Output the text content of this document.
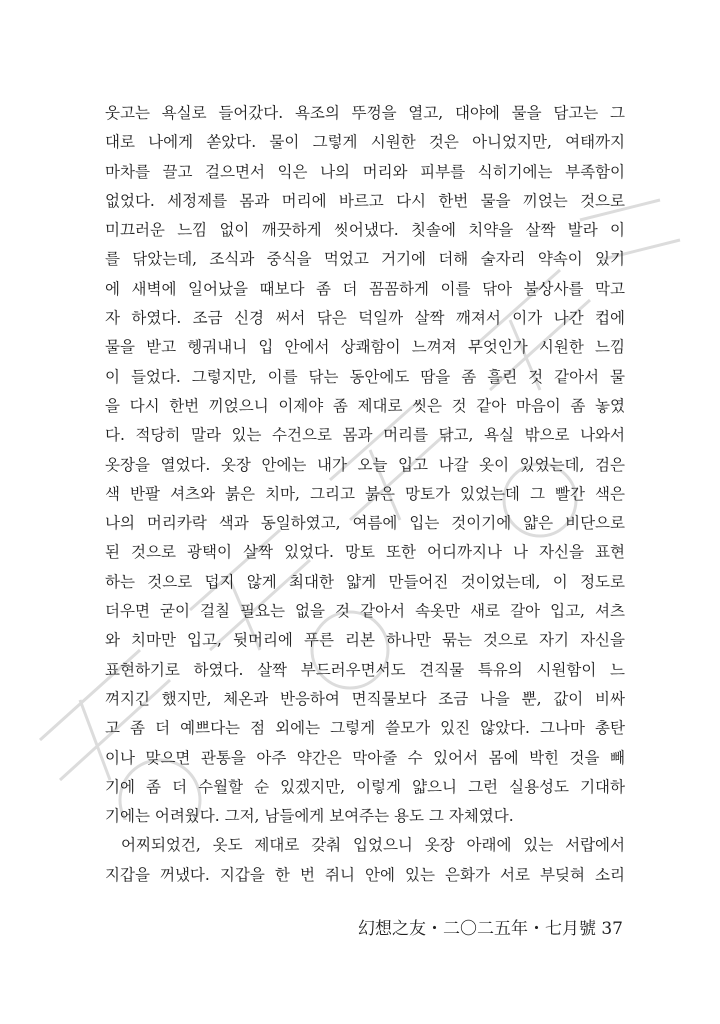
웃고는 욕실로 들어갔다. 욕조의 뚜껑을 열고, 대야에 물을 담고는 그
대로 나에게 쏟았다. 물이 그렇게 시원한 것은 아니었지만, 여태까지
마차를 끌고 걸으면서 익은 나의 머리와 피부를 식히기에는 부족함이
없었다. 세정제를 몸과 머리에 바르고 다시 한번 물을 끼얹는 것으로
미끄러운 느낌 없이 깨끗하게 씻어냈다. 칫솔에 치약을 살짝 발라 이
를 닦았는데, 조식과 중식을 먹었고 거기에 더해 술자리 약속이 있기
에 새벽에 일어났을 때보다 좀 더 꼼꼼하게 이를 닦아 불상사를 막고
자 하였다. 조금 신경 써서 닦은 덕일까 살짝 깨져서 이가 나간 컵에
물을 받고 헹궈내니 입 안에서 상쾌함이 느껴져 무엇인가 시원한 느낌
이 들었다. 그렇지만, 이를 닦는 동안에도 땀을 좀 흘린 것 같아서 물
을 다시 한번 끼얹으니 이제야 좀 제대로 씻은 것 같아 마음이 좀 놓였
다. 적당히 말라 있는 수건으로 몸과 머리를 닦고, 욕실 밖으로 나와서
옷장을 열었다. 옷장 안에는 내가 오늘 입고 나갈 옷이 있었는데, 검은
색 반팔 셔츠와 붉은 치마, 그리고 붉은 망토가 있었는데 그 빨간 색은
나의 머리카락 색과 동일하였고, 여름에 입는 것이기에 얇은 비단으로
된 것으로 광택이 살짝 있었다. 망토 또한 어디까지나 나 자신을 표현
하는 것으로 덥지 않게 최대한 얇게 만들어진 것이었는데, 이 정도로
더우면 굳이 걸칠 필요는 없을 것 같아서 속옷만 새로 갈아 입고, 셔츠
와 치마만 입고, 뒷머리에 푸른 리본 하나만 묶는 것으로 자기 자신을
표현하기로 하였다. 살짝 부드러우면서도 견직물 특유의 시원함이 느
껴지긴 했지만, 체온과 반응하여 면직물보다 조금 나을 뿐, 값이 비싸
고 좀 더 예쁘다는 점 외에는 그렇게 쓸모가 있진 않았다. 그나마 총탄
이나 맞으면 관통을 아주 약간은 막아줄 수 있어서 몸에 박힌 것을 빼
기에 좀 더 수월할 순 있겠지만, 이렇게 얇으니 그런 실용성도 기대하
기에는 어려웠다. 그저, 남들에게 보여주는 용도 그 자체였다.
어찌되었건, 옷도 제대로 갖춰 입었으니 옷장 아래에 있는 서랍에서
지갑을 꺼냈다. 지갑을 한 번 쥐니 안에 있는 은화가 서로 부딪혀 소리
幻想之友・二〇二五年・七月號 37
